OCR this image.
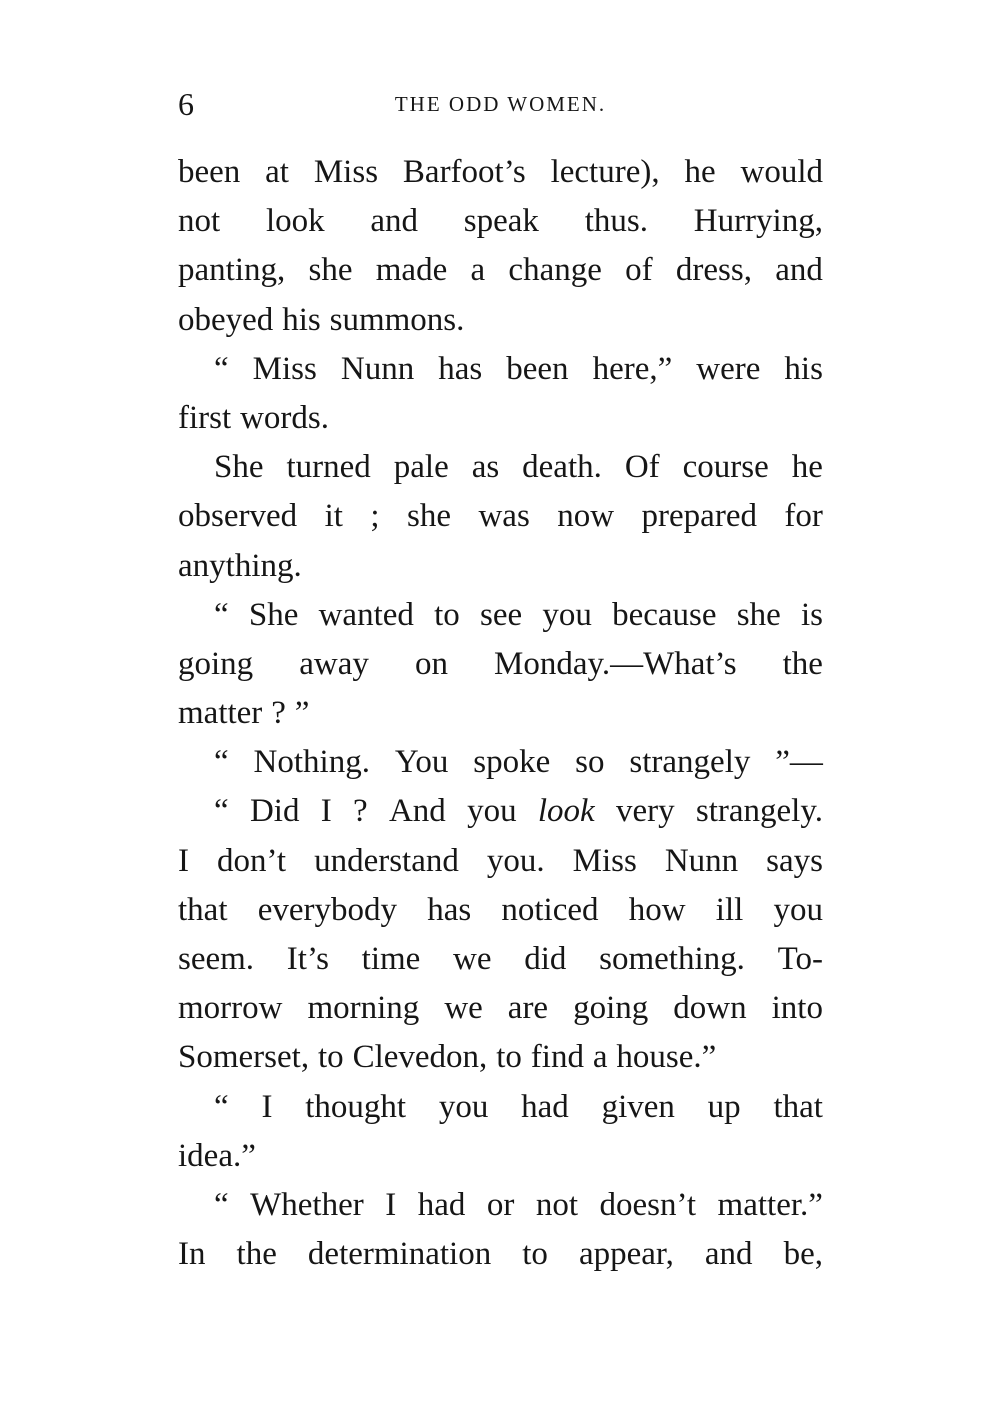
6	THE ODD WOMEN.
been at Miss Barfoot’s lecture), he would
not look and speak thus. Hurrying,
panting, she made a change of dress, and
obeyed his summons.
“ Miss Nunn has been here,” were his
first words.
She turned pale as death. Of course he
observed it ; she was now prepared for
anything.
“ She wanted to see you because she is
going away on Monday.—What’s the
matter ? ”
“ Nothing. You spoke so strangely ”—
“ Did I ? And you look very strangely.
I don’t understand you. Miss Nunn says
that everybody has noticed how ill you
seem. It’s time we did something. To-
morrow morning we are going down into
Somerset, to Clevedon, to find a house.”
“ I thought you had given up that
idea.”
“ Whether I had or not doesn’t matter.”
In the determination to appear, and be,
